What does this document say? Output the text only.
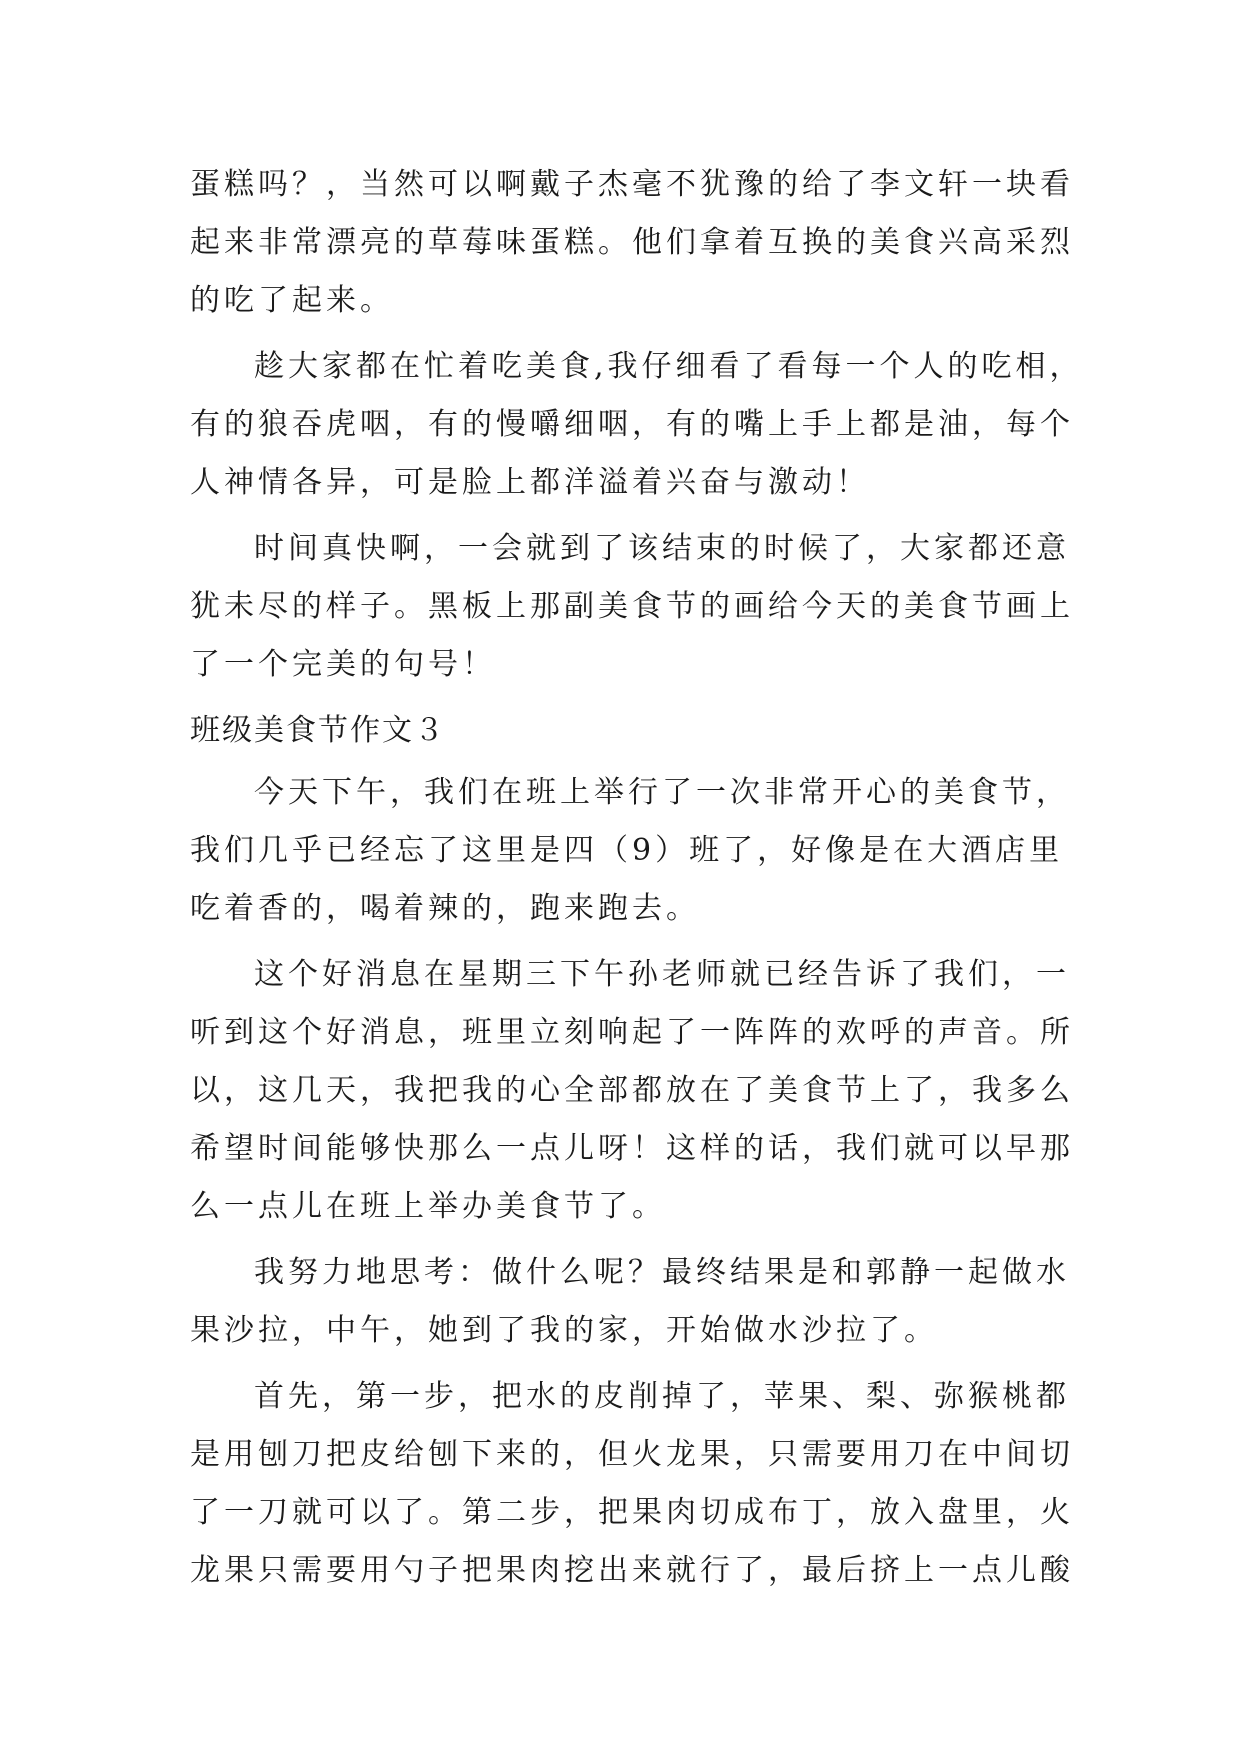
蛋糕吗？，当然可以啊戴子杰毫不犹豫的给了李文轩一块看
起来非常漂亮的草莓味蛋糕。他们拿着互换的美食兴高采烈
的吃了起来。
趁大家都在忙着吃美食,我仔细看了看每一个人的吃相，
有的狼吞虎咽，有的慢嚼细咽，有的嘴上手上都是油，每个
人神情各异，可是脸上都洋溢着兴奋与激动！
时间真快啊，一会就到了该结束的时候了，大家都还意
犹未尽的样子。黑板上那副美食节的画给今天的美食节画上
了一个完美的句号！
班级美食节作文３
今天下午，我们在班上举行了一次非常开心的美食节，
我们几乎已经忘了这里是四（9）班了，好像是在大酒店里
吃着香的，喝着辣的，跑来跑去。
这个好消息在星期三下午孙老师就已经告诉了我们，一
听到这个好消息，班里立刻响起了一阵阵的欢呼的声音。所
以，这几天，我把我的心全部都放在了美食节上了，我多么
希望时间能够快那么一点儿呀！这样的话，我们就可以早那
么一点儿在班上举办美食节了。
我努力地思考：做什么呢？最终结果是和郭静一起做水
果沙拉，中午，她到了我的家，开始做水沙拉了。
首先，第一步，把水的皮削掉了，苹果、梨、弥猴桃都
是用刨刀把皮给刨下来的，但火龙果，只需要用刀在中间切
了一刀就可以了。第二步，把果肉切成布丁，放入盘里，火
龙果只需要用勺子把果肉挖出来就行了，最后挤上一点儿酸
